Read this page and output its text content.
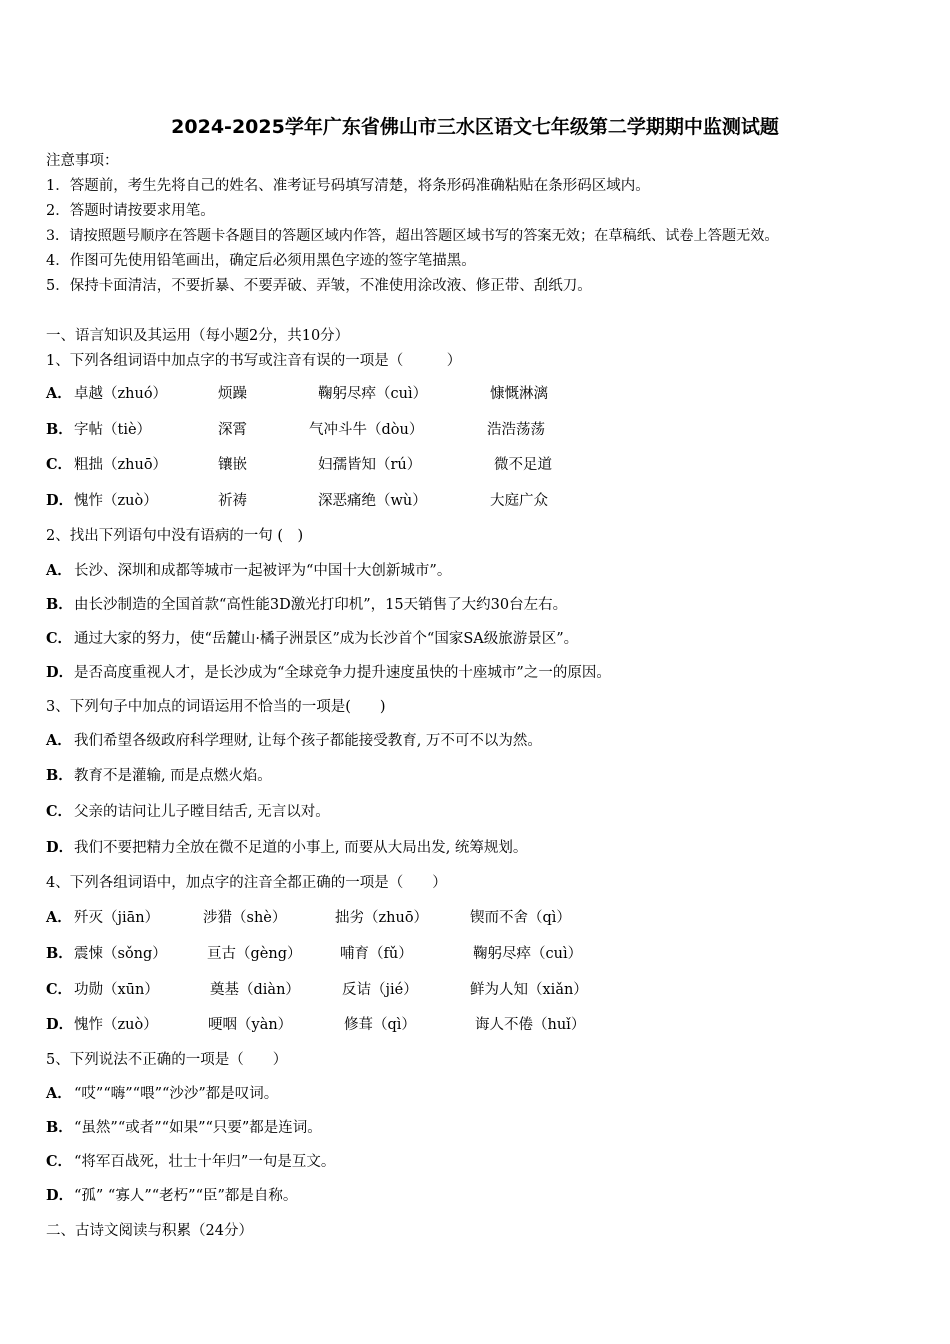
2024-2025学年广东省佛山市三水区语文七年级第二学期期中监测试题
注意事项：
1．答题前，考生先将自己的姓名、准考证号码填写清楚，将条形码准确粘贴在条形码区域内。
2．答题时请按要求用笔。
3．请按照题号顺序在答题卡各题目的答题区域内作答，超出答题区域书写的答案无效；在草稿纸、试卷上答题无效。
4．作图可先使用铅笔画出，确定后必须用黑色字迹的签字笔描黑。
5．保持卡面清洁，不要折暴、不要弄破、弄皱，不准使用涂改液、修正带、刮纸刀。
一、语言知识及其运用（每小题2分，共10分）
1、下列各组词语中加点字的书写或注音有误的一项是（　　　）
A． 卓越（zhuó）	烦躁	鞠躬尽瘁（cuì）	慷慨淋漓
B． 字帖（tiè）	深霄	气冲斗牛（dòu）	浩浩荡荡
C． 粗拙（zhuō）	镶嵌	妇孺皆知（rú）	微不足道
D． 愧怍（zuò）	祈祷	深恶痛绝（wù）	大庭广众
2、找出下列语句中没有语病的一句 (　)
A． 长沙、深圳和成都等城市一起被评为“中国十大创新城市”。
B．由长沙制造的全国首款“高性能3D激光打印机”，15天销售了大约30台左右。
C． 通过大家的努力，使“岳麓山·橘子洲景区”成为长沙首个“国家SA级旅游景区”。
D．是否高度重视人才，是长沙成为“全球竞争力提升速度虽快的十座城市”之一的原因。
3、下列句子中加点的词语运用不恰当的一项是(　　)
A． 我们希望各级政府科学理财, 让每个孩子都能接受教育, 万不可不以为然。
B．教育不是灌输, 而是点燃火焰。
C． 父亲的诘问让儿子瞠目结舌, 无言以对。
D．我们不要把精力全放在微不足道的小事上, 而要从大局出发, 统筹规划。
4、下列各组词语中，加点字的注音全都正确的一项是（　　）
A． 歼灭（jiān）	涉猎（shè）	拙劣（zhuō）	锲而不舍（qì）
B． 震悚（sǒng）	亘古（gèng）	哺育（fǔ）	鞠躬尽瘁（cuì）
C． 功勋（xūn）	奠基（diàn）	反诘（jié）	鲜为人知（xiǎn）
D． 愧怍（zuò）	哽咽（yàn）	修葺（qì）	诲人不倦（huǐ）
5、下列说法不正确的一项是（　　）
A． “哎”“嗨”“喂”“沙沙”都是叹词。
B．“虽然”“或者”“如果”“只要”都是连词。
C． “将军百战死，壮士十年归”一句是互文。
D．“孤” “寡人”“老朽”“臣”都是自称。
二、古诗文阅读与积累（24分）
